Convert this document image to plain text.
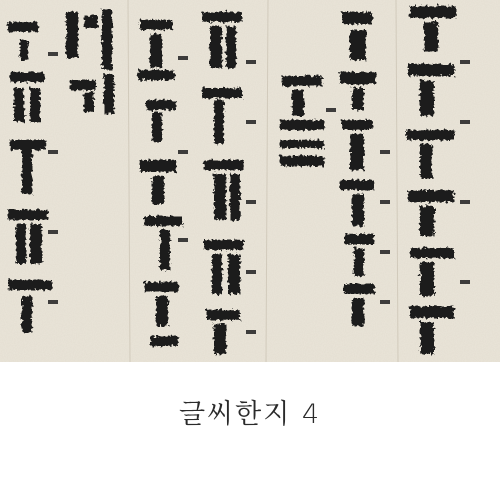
글씨한지 4
